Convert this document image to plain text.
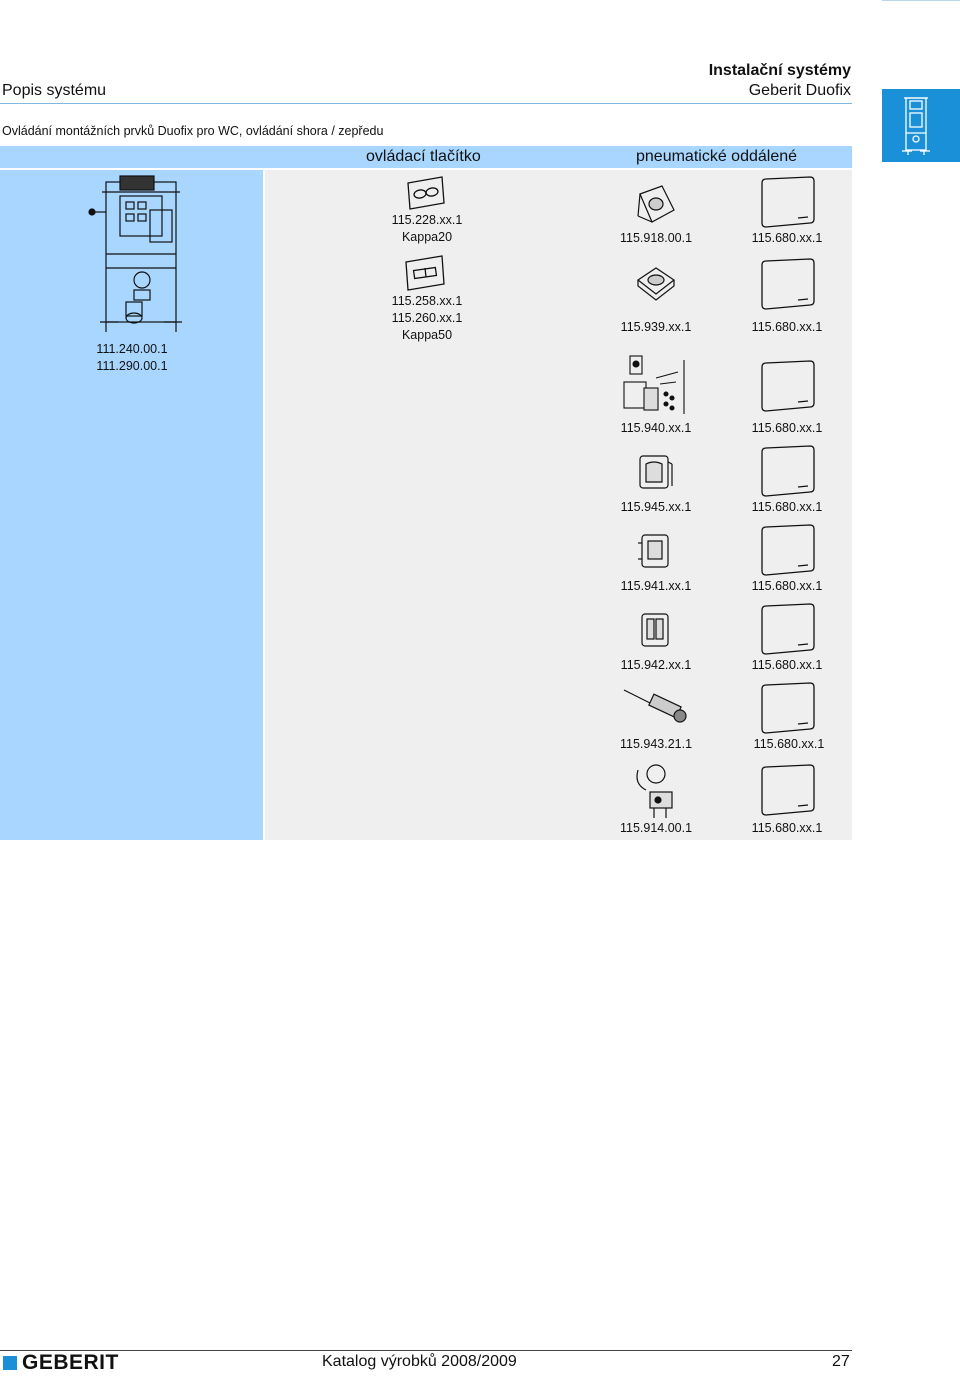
Popis systému
Instalační systémy
Geberit Duofix
Ovládání montážních prvků Duofix pro WC, ovládání shora / zepředu
ovládací tlačítko	pneumatické oddálené
111.240.00.1
111.290.00.1
115.228.xx.1
Kappa20
115.258.xx.1
115.260.xx.1
Kappa50
115.918.00.1	115.680.xx.1
115.939.xx.1	115.680.xx.1
115.940.xx.1	115.680.xx.1
115.945.xx.1	115.680.xx.1
115.941.xx.1	115.680.xx.1
115.942.xx.1	115.680.xx.1
115.943.21.1	115.680.xx.1
115.914.00.1	115.680.xx.1
GEBERIT	Katalog výrobků 2008/2009	27
